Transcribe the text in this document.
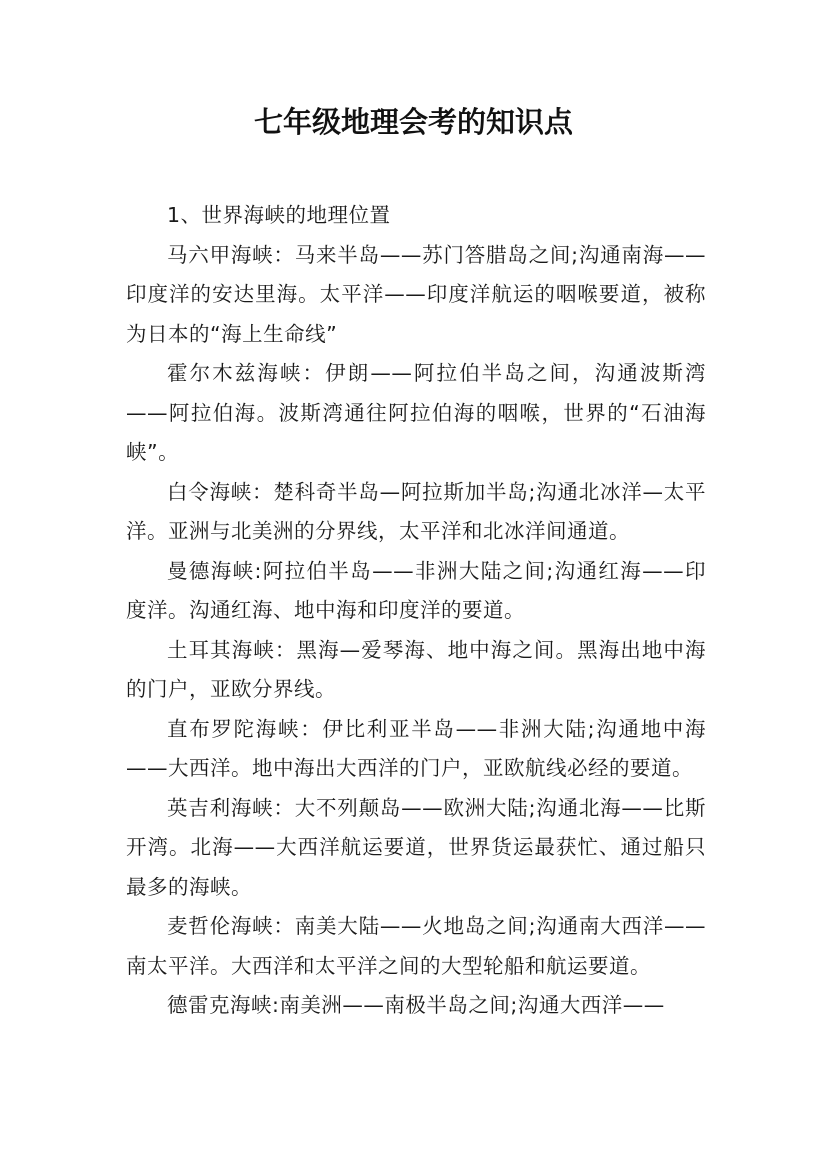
七年级地理会考的知识点

1、世界海峡的地理位置

马六甲海峡：马来半岛——苏门答腊岛之间;沟通南海——印度洋的安达里海。太平洋——印度洋航运的咽喉要道，被称为日本的“海上生命线”

霍尔木兹海峡：伊朗——阿拉伯半岛之间，沟通波斯湾——阿拉伯海。波斯湾通往阿拉伯海的咽喉，世界的“石油海峡”。

白令海峡：楚科奇半岛—阿拉斯加半岛;沟通北冰洋—太平洋。亚洲与北美洲的分界线，太平洋和北冰洋间通道。

曼德海峡:阿拉伯半岛——非洲大陆之间;沟通红海——印度洋。沟通红海、地中海和印度洋的要道。

土耳其海峡：黑海—爱琴海、地中海之间。黑海出地中海的门户，亚欧分界线。

直布罗陀海峡：伊比利亚半岛——非洲大陆;沟通地中海——大西洋。地中海出大西洋的门户，亚欧航线必经的要道。

英吉利海峡：大不列颠岛——欧洲大陆;沟通北海——比斯开湾。北海——大西洋航运要道，世界货运最获忙、通过船只最多的海峡。

麦哲伦海峡：南美大陆——火地岛之间;沟通南大西洋——南太平洋。大西洋和太平洋之间的大型轮船和航运要道。

德雷克海峡:南美洲——南极半岛之间;沟通大西洋——
